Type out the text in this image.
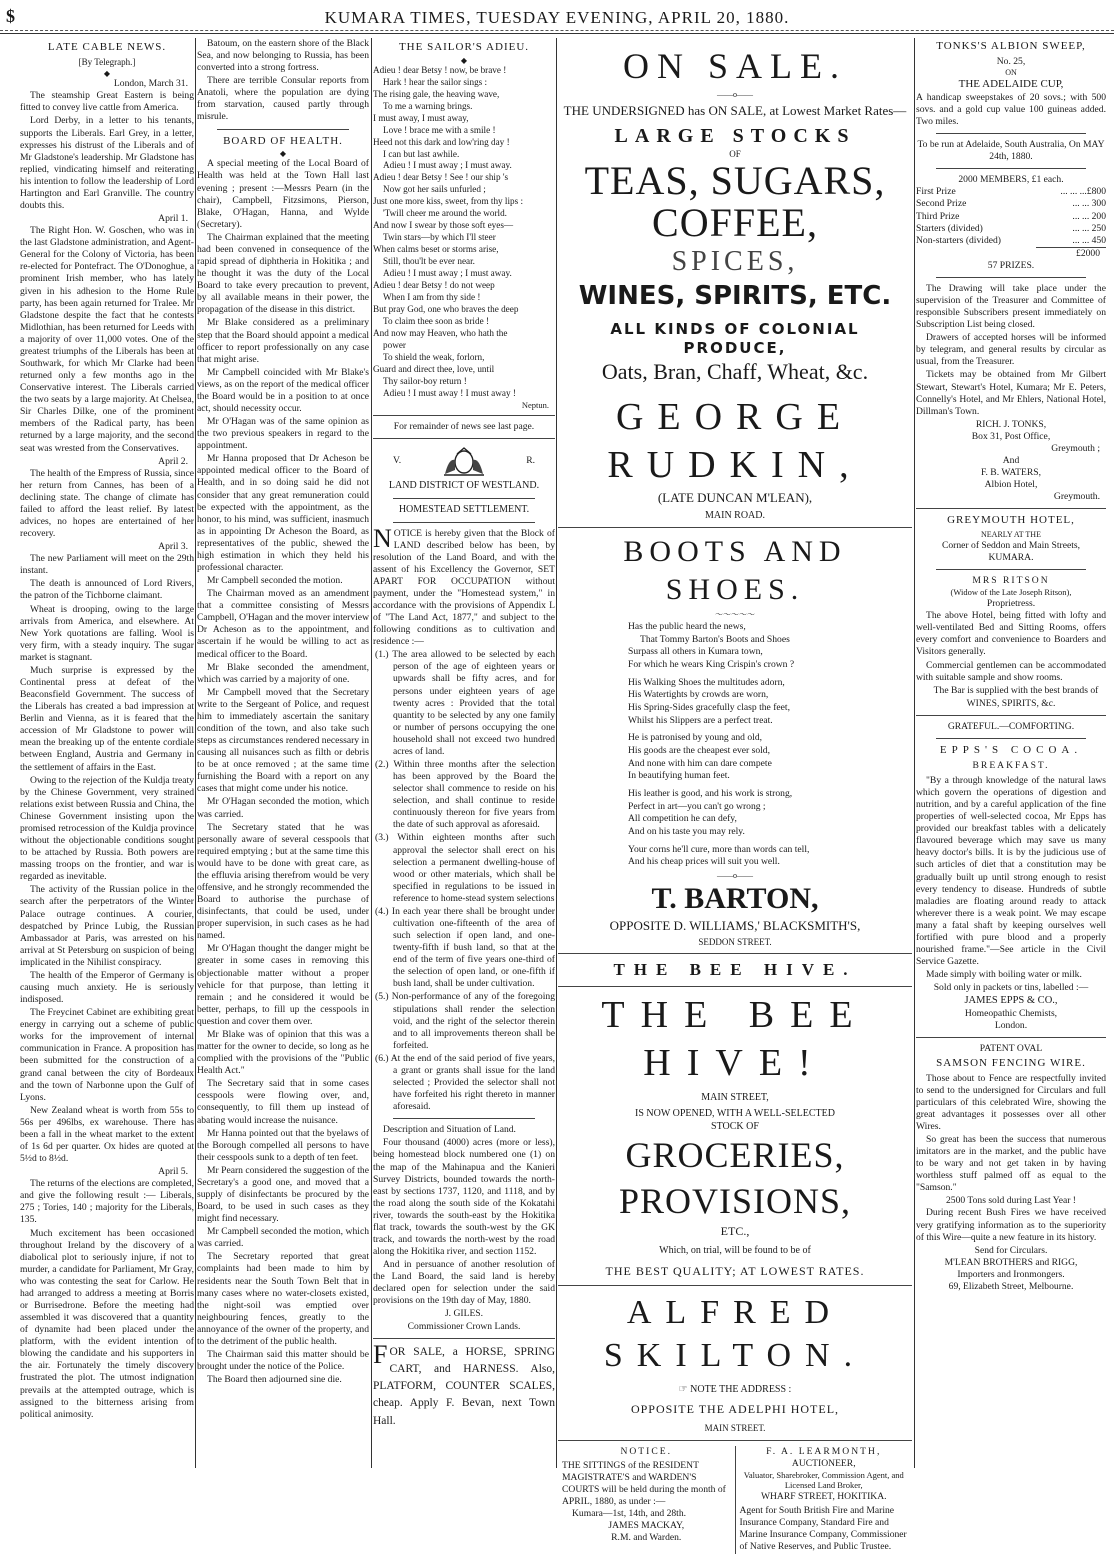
$	KUMARA TIMES, TUESDAY EVENING, APRIL 20, 1880.
LATE CABLE NEWS.
[By Telegraph.]
◆

London, March 31.

The steamship Great Eastern is being fitted to convey live cattle from America.

Lord Derby, in a letter to his tenants, supports the Liberals. Earl Grey, in a letter, expresses his distrust of the Liberals and of Mr Gladstone's leadership. Mr Gladstone has replied, vindicating himself and reiterating his intention to follow the leadership of Lord Hartington and Earl Granville. The country doubts this.

April 1.

The Right Hon. W. Goschen, who was in the last Gladstone administration, and Agent-General for the Colony of Victoria, has been re-elected for Pontefract. The O'Donoghue, a prominent Irish member, who has lately given in his adhesion to the Home Rule party, has been again returned for Tralee. Mr Gladstone despite the fact that he contests Midlothian, has been returned for Leeds with a majority of over 11,000 votes. One of the greatest triumphs of the Liberals has been at Southwark, for which Mr Clarke had been returned only a few months ago in the Conservative interest. The Liberals carried the two seats by a large majority. At Chelsea, Sir Charles Dilke, one of the prominent members of the Radical party, has been returned by a large majority, and the second seat was wrested from the Conservatives.

April 2.

The health of the Empress of Russia, since her return from Cannes, has been of a declining state. The change of climate has failed to afford the least relief. By latest advices, no hopes are entertained of her recovery.

April 3.

The new Parliament will meet on the 29th instant.

The death is announced of Lord Rivers, the patron of the Tichborne claimant.

Wheat is drooping, owing to the large arrivals from America, and elsewhere. At New York quotations are falling. Wool is very firm, with a steady inquiry. The sugar market is stagnant.

Much surprise is expressed by the Continental press at defeat of the Beaconsfield Government. The success of the Liberals has created a bad impression at Berlin and Vienna, as it is feared that the accession of Mr Gladstone to power will mean the breaking up of the entente cordiale between England, Austria and Germany in the settlement of affairs in the East.

Owing to the rejection of the Kuldja treaty by the Chinese Government, very strained relations exist between Russia and China, the Chinese Government insisting upon the promised retrocession of the Kuldja province without the objectionable conditions sought to be attached by Russia. Both powers are massing troops on the frontier, and war is regarded as inevitable.

The activity of the Russian police in the search after the perpetrators of the Winter Palace outrage continues. A courier, despatched by Prince Lubig, the Russian Ambassador at Paris, was arrested on his arrival at St Petersburg on suspicion of being implicated in the Nihilist conspiracy.

The health of the Emperor of Germany is causing much anxiety. He is seriously indisposed.

The Freycinet Cabinet are exhibiting great energy in carrying out a scheme of public works for the improvement of internal communication in France. A proposition has been submitted for the construction of a grand canal between the city of Bordeaux and the town of Narbonne upon the Gulf of Lyons.

New Zealand wheat is worth from 55s to 56s per 496lbs, ex warehouse. There has been a fall in the wheat market to the extent of 1s 6d per quarter. Ox hides are quoted at 5½d to 8½d.

April 5.

The returns of the elections are completed, and give the following result :— Liberals, 275 ; Tories, 140 ; majority for the Liberals, 135.

Much excitement has been occasioned throughout Ireland by the discovery of a diabolical plot to seriously injure, if not to murder, a candidate for Parliament, Mr Gray, who was contesting the seat for Carlow. He had arranged to address a meeting at Borris or Burrisedrone. Before the meeting had assembled it was discovered that a quantity of dynamite had been placed under the platform, with the evident intention of blowing the candidate and his supporters in the air. Fortunately the timely discovery frustrated the plot. The utmost indignation prevails at the attempted outrage, which is assigned to the bitterness arising from political animosity.

Batoum, on the eastern shore of the Black Sea, and now belonging to Russia, has been converted into a strong fortress.

There are terrible Consular reports from Anatoli, where the population are dying from starvation, caused partly through misrule.

BOARD OF HEALTH.
◆

A special meeting of the Local Board of Health was held at the Town Hall last evening ; present :—Messrs Pearn (in the chair), Campbell, Fitzsimons, Pierson, Blake, O'Hagan, Hanna, and Wylde (Secretary).

The Chairman explained that the meeting had been convened in consequence of the rapid spread of diphtheria in Hokitika ; and he thought it was the duty of the Local Board to take every precaution to prevent, by all available means in their power, the propagation of the disease in this district.

Mr Blake considered as a preliminary step that the Board should appoint a medical officer to report professionally on any case that might arise.

Mr Campbell coincided with Mr Blake's views, as on the report of the medical officer the Board would be in a position to at once act, should necessity occur.

Mr O'Hagan was of the same opinion as the two previous speakers in regard to the appointment.

Mr Hanna proposed that Dr Acheson be appointed medical officer to the Board of Health, and in so doing said he did not consider that any great remuneration could be expected with the appointment, as the honor, to his mind, was sufficient, inasmuch as in appointing Dr Acheson the Board, as representatives of the public, shewed the high estimation in which they held his professional character.

Mr Campbell seconded the motion.

The Chairman moved as an amendment that a committee consisting of Messrs Campbell, O'Hagan and the mover interview Dr Acheson as to the appointment, and ascertain if he would be willing to act as medical officer to the Board.

Mr Blake seconded the amendment, which was carried by a majority of one.

Mr Campbell moved that the Secretary write to the Sergeant of Police, and request him to immediately ascertain the sanitary condition of the town, and also take such steps as circumstances rendered necessary in causing all nuisances such as filth or debris to be at once removed ; at the same time furnishing the Board with a report on any cases that might come under his notice.

Mr O'Hagan seconded the motion, which was carried.

The Secretary stated that he was personally aware of several cesspools that required emptying ; but at the same time this would have to be done with great care, as the effluvia arising therefrom would be very offensive, and he strongly recommended the Board to authorise the purchase of disinfectants, that could be used, under proper supervision, in such cases as he had named.

Mr O'Hagan thought the danger might be greater in some cases in removing this objectionable matter without a proper vehicle for that purpose, than letting it remain ; and he considered it would be better, perhaps, to fill up the cesspools in question and cover them over.

Mr Blake was of opinion that this was a matter for the owner to decide, so long as he complied with the provisions of the "Public Health Act."

The Secretary said that in some cases cesspools were flowing over, and, consequently, to fill them up instead of abating would increase the nuisance.

Mr Hanna pointed out that the byelaws of the Borough compelled all persons to have their cesspools sunk to a depth of ten feet.

Mr Pearn considered the suggestion of the Secretary's a good one, and moved that a supply of disinfectants be procured by the Board, to be used in such cases as they might find necessary.

Mr Campbell seconded the motion, which was carried.

The Secretary reported that great complaints had been made to him by residents near the South Town Belt that in many cases where no water-closets existed, the night-soil was emptied over neighbouring fences, greatly to the annoyance of the owner of the property, and to the detriment of the public health.

The Chairman said this matter should be brought under the notice of the Police.

The Board then adjourned sine die.

THE SAILOR'S ADIEU.
◆
Adieu ! dear Betsy ! now, be brave !
Hark ! hear the sailor sings :
The rising gale, the heaving wave,
To me a warning brings.
I must away, I must away,
Love ! brace me with a smile !
Heed not this dark and low'ring day !
I can but last awhile.
Adieu ! I must away ; I must away.
Adieu ! dear Betsy ! See ! our ship 's
Now got her sails unfurled ;
Just one more kiss, sweet, from thy lips :
'Twill cheer me around the world.
And now I swear by those soft eyes—
Twin stars—by which I'll steer
When calms beset or storms arise,
Still, thou'lt be ever near.
Adieu ! I must away ; I must away.
Adieu ! dear Betsy ! do not weep
When I am from thy side !
But pray God, one who braves the deep
To claim thee soon as bride !
And now may Heaven, who hath the
power
To shield the weak, forlorn,
Guard and direct thee, love, until
Thy sailor-boy return !
Adieu ! I must away ! I must away !
Neptun.
For remainder of news see last page.
V.	R.
LAND DISTRICT OF WESTLAND.
HOMESTEAD SETTLEMENT.

NOTICE is hereby given that the Block of LAND described below has been, by resolution of the Land Board, and with the assent of his Excellency the Governor, SET APART FOR OCCUPATION without payment, under the "Homestead system," in accordance with the provisions of Appendix L of "The Land Act, 1877," and subject to the following conditions as to cultivation and residence :—

(1.) The area allowed to be selected by each person of the age of eighteen years or upwards shall be fifty acres, and for persons under eighteen years of age twenty acres : Provided that the total quantity to be selected by any one family or number of persons occupying the one household shall not exceed two hundred acres of land.

(2.) Within three months after the selection has been approved by the Board the selector shall commence to reside on his selection, and shall continue to reside continuously thereon for five years from the date of such approval as aforesaid.

(3.) Within eighteen months after such approval the selector shall erect on his selection a permanent dwelling-house of wood or other materials, which shall be specified in regulations to be issued in reference to home-stead system selections

(4.) In each year there shall be brought under cultivation one-fifteenth of the area of such selection if open land, and one-twenty-fifth if bush land, so that at the end of the term of five years one-third of the selection of open land, or one-fifth if bush land, shall be under cultivation.

(5.) Non-performance of any of the foregoing stipulations shall render the selection void, and the right of the selector therein and to all improvements thereon shall be forfeited.

(6.) At the end of the said period of five years, a grant or grants shall issue for the land selected ; Provided the selector shall not have forfeited his right thereto in manner aforesaid.

Description and Situation of Land.

Four thousand (4000) acres (more or less), being homestead block numbered one (1) on the map of the Mahinapua and the Kanieri Survey Districts, bounded towards the north-east by sections 1737, 1120, and 1118, and by the road along the south side of the Kokatahi river, towards the south-east by the Hokitika flat track, towards the south-west by the GK track, and towards the north-west by the road along the Hokitika river, and section 1152.

And in persuance of another resolution of the Land Board, the said land is hereby declared open for selection under the said provisions on the 19th day of May, 1880.

J. GILES.
Commissioner Crown Lands.

FOR SALE, a HORSE, SPRING CART, and HARNESS. Also, PLATFORM, COUNTER SCALES, cheap. Apply F. Bevan, next Town Hall.

ON SALE.
——o——
THE UNDERSIGNED has ON SALE, at Lowest Market Rates—
LARGE STOCKS
OF
TEAS, SUGARS, COFFEE,
SPICES,
WINES, SPIRITS, ETC.
ALL KINDS OF COLONIAL PRODUCE,
Oats, Bran, Chaff, Wheat, &c.
GEORGE RUDKIN,
(LATE DUNCAN M'LEAN),
MAIN ROAD.
BOOTS AND SHOES.
〜〜〜〜〜
Has the public heard the news,
That Tommy Barton's Boots and Shoes
Surpass all others in Kumara town,
For which he wears King Crispin's crown ?
His Walking Shoes the multitudes adorn,
His Watertights by crowds are worn,
His Spring-Sides gracefully clasp the feet,
Whilst his Slippers are a perfect treat.
He is patronised by young and old,
His goods are the cheapest ever sold,
And none with him can dare compete
In beautifying human feet.
His leather is good, and his work is strong,
Perfect in art—you can't go wrong ;
All competition he can defy,
And on his taste you may rely.
Your corns he'll cure, more than words can tell,
And his cheap prices will suit you well.
——o——
T. BARTON,
OPPOSITE D. WILLIAMS,' BLACKSMITH'S,
SEDDON STREET.
THE BEE HIVE.
THE BEE HIVE!
MAIN STREET,
IS NOW OPENED, WITH A WELL-SELECTED STOCK OF
GROCERIES, PROVISIONS,
ETC.,
Which, on trial, will be found to be of
THE BEST QUALITY; AT LOWEST RATES.
ALFRED SKILTON.
☞ NOTE THE ADDRESS :
OPPOSITE THE ADELPHI HOTEL,
MAIN STREET.
NOTICE.

THE SITTINGS of the RESIDENT MAGISTRATE'S and WARDEN'S COURTS will be held during the month of APRIL, 1880, as under :—

Kumara—1st, 14th, and 28th.

JAMES MACKAY,
R.M. and Warden.
F. A. LEARMONTH,
AUCTIONEER,
Valuator, Sharebroker, Commission Agent, and Licensed Land Broker,
WHARF STREET, HOKITIKA.

Agent for South British Fire and Marine Insurance Company, Standard Fire and Marine Insurance Company, Commissioner of Native Reserves, and Public Trustee.

TONKS'S ALBION SWEEP,
No. 25,
ON
THE ADELAIDE CUP,

A handicap sweepstakes of 20 sovs.; with 500 sovs. and a gold cup value 100 guineas added. Two miles.

To be run at Adelaide, South Australia, On MAY 24th, 1880.

2000 MEMBERS, £1 each.
First Prize	... ... ...£800
Second Prize	... ... 300
Third Prize	... ... 200
Starters (divided)	... ... 250
Non-starters (divided)	... ... 450
£2000
57 PRIZES.

The Drawing will take place under the supervision of the Treasurer and Committee of responsible Subscribers present immediately on Subscription List being closed.

Drawers of accepted horses will be informed by telegram, and general results by circular as usual, from the Treasurer.

Tickets may be obtained from Mr Gilbert Stewart, Stewart's Hotel, Kumara; Mr E. Peters, Connelly's Hotel, and Mr Ehlers, National Hotel, Dillman's Town.

RICH. J. TONKS,
Box 31, Post Office,
Greymouth ;
And
F. B. WATERS,
Albion Hotel,
Greymouth.
GREYMOUTH HOTEL,
NEARLY AT THE
Corner of Seddon and Main Streets,
KUMARA.
MRS RITSON
(Widow of the Late Joseph Ritson),
Proprietress.

The above Hotel, being fitted with lofty and well-ventilated Bed and Sitting Rooms, offers every comfort and convenience to Boarders and Visitors generally.

Commercial gentlemen can be accommodated with suitable sample and show rooms.

The Bar is supplied with the best brands of

WINES, SPIRITS, &c.
GRATEFUL.—COMFORTING.
EPPS'S COCOA.
BREAKFAST.

"By a through knowledge of the natural laws which govern the operations of digestion and nutrition, and by a careful application of the fine properties of well-selected cocoa, Mr Epps has provided our breakfast tables with a delicately flavoured beverage which may save us many heavy doctor's bills. It is by the judicious use of such articles of diet that a constitution may be gradually built up until strong enough to resist every tendency to disease. Hundreds of subtle maladies are floating around ready to attack wherever there is a weak point. We may escape many a fatal shaft by keeping ourselves well fortified with pure blood and a properly nourished frame."—See article in the Civil Service Gazette.

Made simply with boiling water or milk.

Sold only in packets or tins, labelled :—

JAMES EPPS & CO.,
Homeopathic Chemists,
London.
PATENT OVAL
SAMSON FENCING WIRE.

Those about to Fence are respectfully invited to send to the undersigned for Circulars and full particulars of this celebrated Wire, showing the great advantages it possesses over all other Wires.

So great has been the success that numerous imitators are in the market, and the public have to be wary and not get taken in by having worthless stuff palmed off as equal to the "Samson."

2500 Tons sold during Last Year !

During recent Bush Fires we have received very gratifying information as to the superiority of this Wire—quite a new feature in its history.

Send for Circulars.
M'LEAN BROTHERS and RIGG,
Importers and Ironmongers.
69, Elizabeth Street, Melbourne.
